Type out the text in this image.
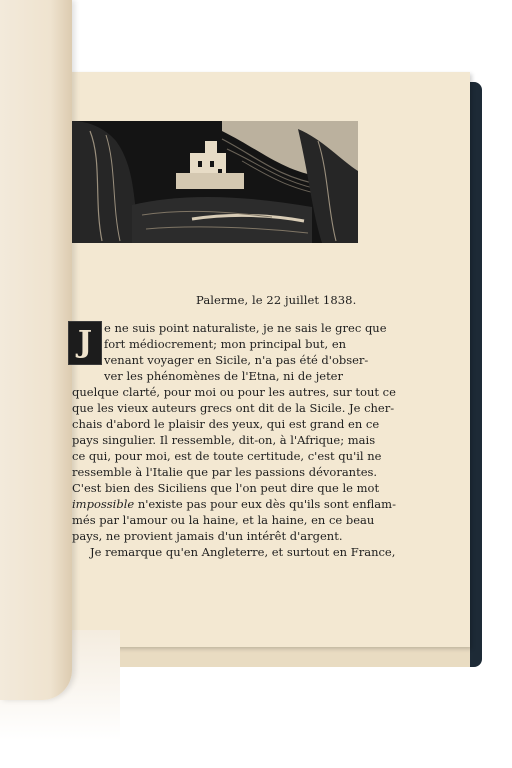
Palerme, le 22 juillet 1838.
J	e ne suis point naturaliste, je ne sais le grec que
fort médiocrement; mon principal but, en
venant voyager en Sicile, n'a pas été d'obser-
ver les phénomènes de l'Etna, ni de jeter
quelque clarté, pour moi ou pour les autres, sur tout ce
que les vieux auteurs grecs ont dit de la Sicile. Je cher-
chais d'abord le plaisir des yeux, qui est grand en ce
pays singulier. Il ressemble, dit-on, à l'Afrique; mais
ce qui, pour moi, est de toute certitude, c'est qu'il ne
ressemble à l'Italie que par les passions dévorantes.
C'est bien des Siciliens que l'on peut dire que le mot
impossible n'existe pas pour eux dès qu'ils sont enflam-
més par l'amour ou la haine, et la haine, en ce beau
pays, ne provient jamais d'un intérêt d'argent.
Je remarque qu'en Angleterre, et surtout en France,
